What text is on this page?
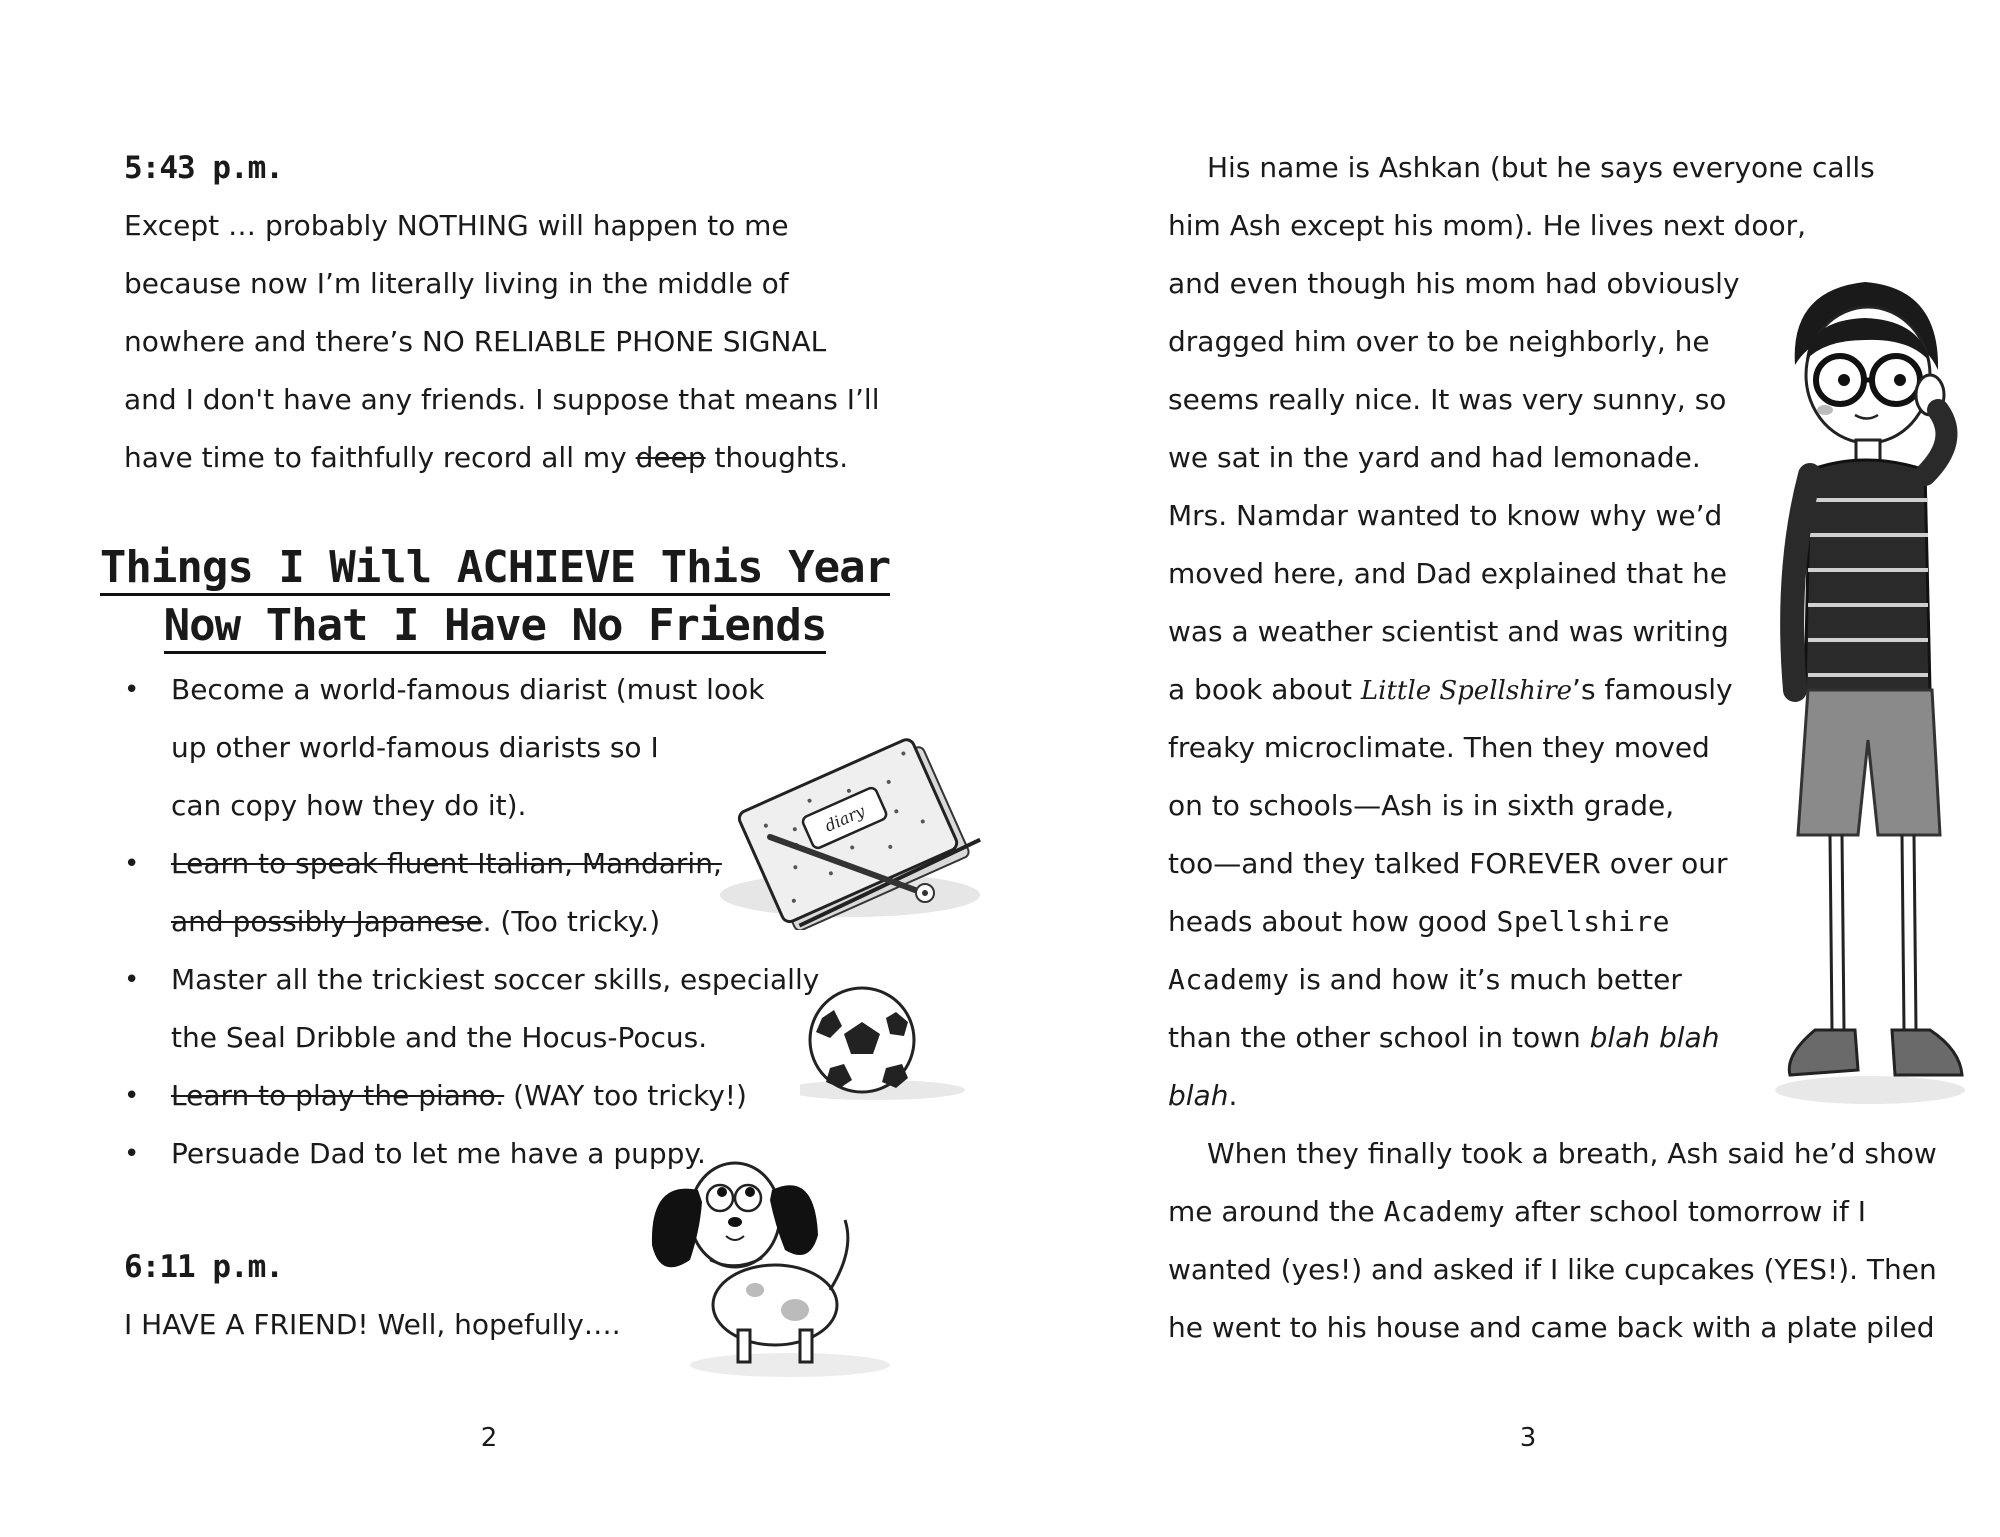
5:43 p.m.
Except … probably NOTHING will happen to me
because now I’m literally living in the middle of
nowhere and there’s NO RELIABLE PHONE SIGNAL
and I don't have any friends. I suppose that means I’ll
have time to faithfully record all my deep thoughts.
Things I Will ACHIEVE This Year
Now That I Have No Friends
• Become a world-famous diarist (must look
up other world-famous diarists so I
can copy how they do it).
• Learn to speak fluent Italian, Mandarin,
and possibly Japanese. (Too tricky.)
• Master all the trickiest soccer skills, especially
the Seal Dribble and the Hocus-Pocus.
• Learn to play the piano. (WAY too tricky!)
• Persuade Dad to let me have a puppy.
6:11 p.m.
I HAVE A FRIEND! Well, hopefully….
diary
2
His name is Ashkan (but he says everyone calls
him Ash except his mom). He lives next door,
and even though his mom had obviously
dragged him over to be neighborly, he
seems really nice. It was very sunny, so
we sat in the yard and had lemonade.
Mrs. Namdar wanted to know why we’d
moved here, and Dad explained that he
was a weather scientist and was writing
a book about Little Spellshire’s famously
freaky microclimate. Then they moved
on to schools—Ash is in sixth grade,
too—and they talked FOREVER over our
heads about how good Spellshire
Academy is and how it’s much better
than the other school in town blah blah
blah.
When they finally took a breath, Ash said he’d show
me around the Academy after school tomorrow if I
wanted (yes!) and asked if I like cupcakes (YES!). Then
he went to his house and came back with a plate piled
3
